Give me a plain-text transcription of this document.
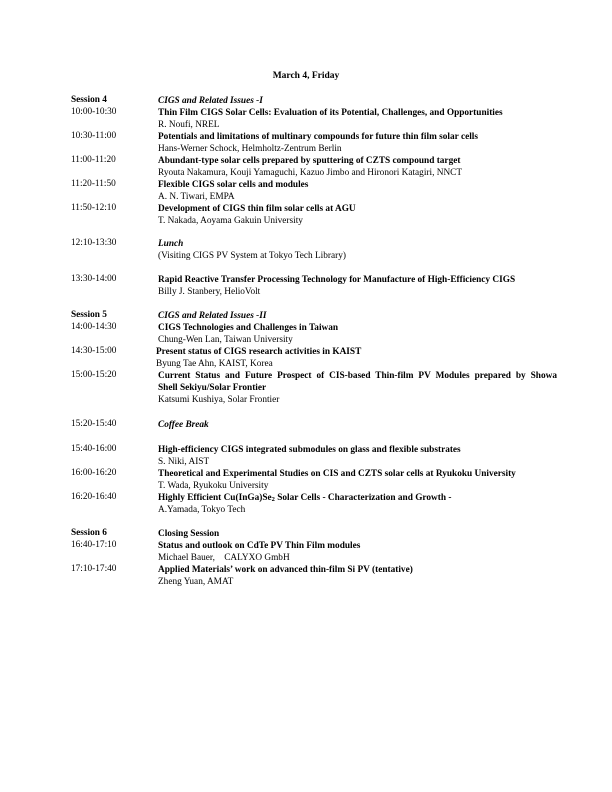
March 4, Friday
Session 4	CIGS and Related Issues -I
10:00-10:30	Thin Film CIGS Solar Cells: Evaluation of its Potential, Challenges, and Opportunities
R. Noufi, NREL
10:30-11:00	Potentials and limitations of multinary compounds for future thin film solar cells
Hans-Werner Schock, Helmholtz-Zentrum Berlin
11:00-11:20	Abundant-type solar cells prepared by sputtering of CZTS compound target
Ryouta Nakamura, Kouji Yamaguchi, Kazuo Jimbo and Hironori Katagiri, NNCT
11:20-11:50	Flexible CIGS solar cells and modules
A. N. Tiwari, EMPA
11:50-12:10	Development of CIGS thin film solar cells at AGU
T. Nakada, Aoyama Gakuin University
12:10-13:30	Lunch
(Visiting CIGS PV System at Tokyo Tech Library)
13:30-14:00	Rapid Reactive Transfer Processing Technology for Manufacture of High-Efficiency CIGS
Billy J. Stanbery, HelioVolt
Session 5	CIGS and Related Issues -II
14:00-14:30	CIGS Technologies and Challenges in Taiwan
Chung-Wen Lan, Taiwan University
14:30-15:00	Present status of CIGS research activities in KAIST
Byung Tae Ahn, KAIST, Korea
15:00-15:20	Current Status and Future Prospect of CIS-based Thin-film PV Modules prepared by Showa
Shell Sekiyu/Solar Frontier
Katsumi Kushiya, Solar Frontier
15:20-15:40	Coffee Break
15:40-16:00	High-efficiency CIGS integrated submodules on glass and flexible substrates
S. Niki, AIST
16:00-16:20	Theoretical and Experimental Studies on CIS and CZTS solar cells at Ryukoku University
T. Wada, Ryukoku University
16:20-16:40	Highly Efficient $Cu(InGa)Se_2$ Solar Cells - Characterization and Growth -
A.Yamada, Tokyo Tech
Session 6	Closing Session
16:40-17:10	Status and outlook on CdTe PV Thin Film modules
Michael Bauer,    CALYXO GmbH
17:10-17:40	Applied Materials’ work on advanced thin-film Si PV (tentative)
Zheng Yuan, AMAT
